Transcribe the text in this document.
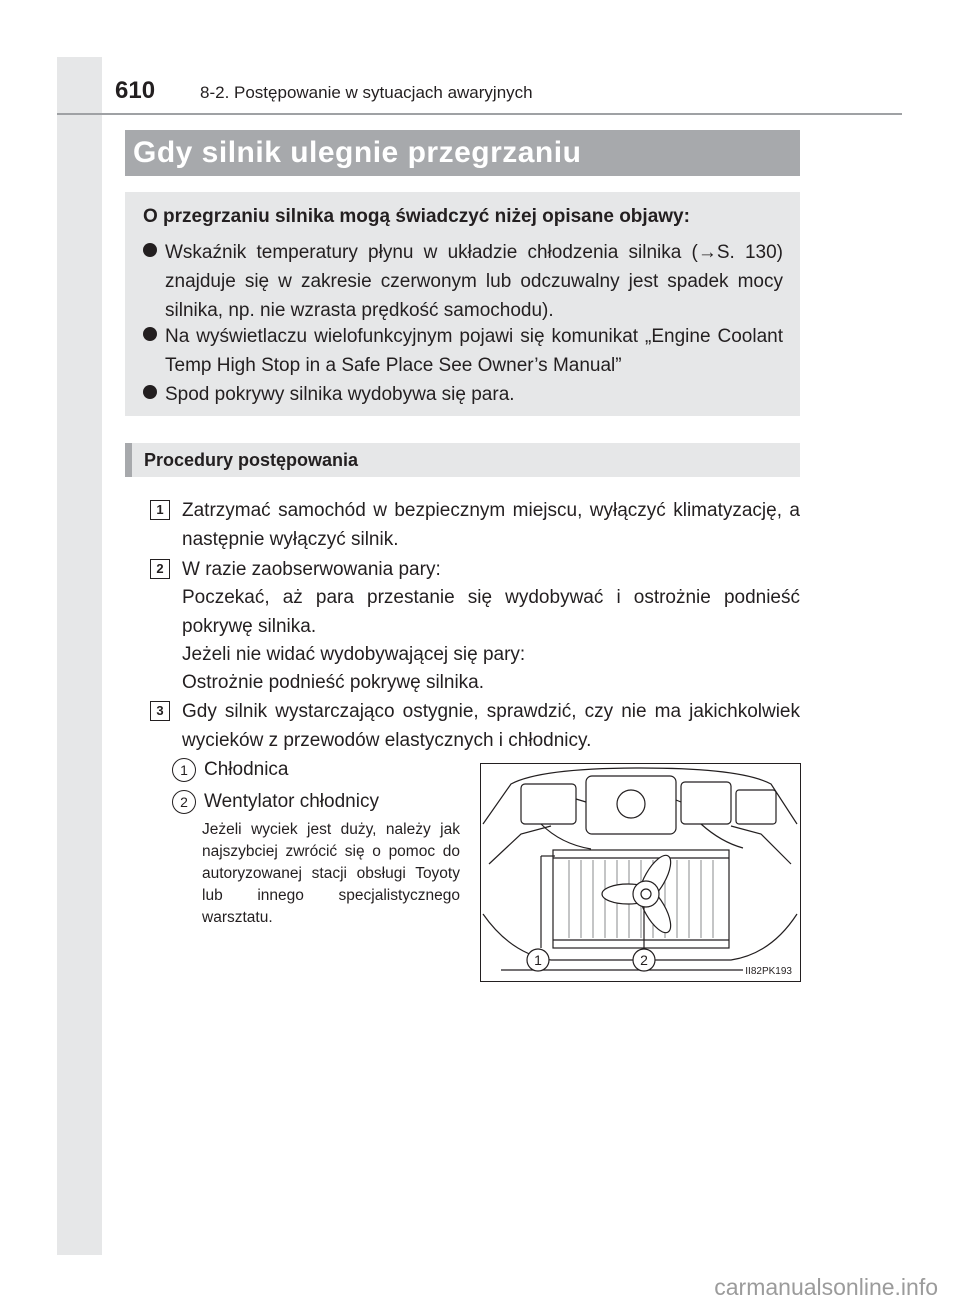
610	8-2. Postępowanie w sytuacjach awaryjnych
Gdy silnik ulegnie przegrzaniu
O przegrzaniu silnika mogą świadczyć niżej opisane objawy:
Wskaźnik temperatury płynu w układzie chłodzenia silnika (→S. 130) znajduje się w zakresie czerwonym lub odczuwalny jest spadek mocy silnika, np. nie wzrasta prędkość samochodu).
Na wyświetlaczu wielofunkcyjnym pojawi się komunikat „Engine Coolant Temp High Stop in a Safe Place See Owner’s Manual”
Spod pokrywy silnika wydobywa się para.
Procedury postępowania
1 Zatrzymać samochód w bezpiecznym miejscu, wyłączyć klimatyzację, a następnie wyłączyć silnik.
2 W razie zaobserwowania pary:
Poczekać, aż para przestanie się wydobywać i ostrożnie podnieść pokrywę silnika.
Jeżeli nie widać wydobywającej się pary:
Ostrożnie podnieść pokrywę silnika.
3 Gdy silnik wystarczająco ostygnie, sprawdzić, czy nie ma jakichkolwiek wycieków z przewodów elastycznych i chłodnicy.
1 Chłodnica
2 Wentylator chłodnicy
Jeżeli wyciek jest duży, należy jak najszybciej zwrócić się o pomoc do autoryzowanej stacji obsługi Toyoty lub innego specjalistycznego warsztatu.
1	2
II82PK193
carmanualsonline.info
